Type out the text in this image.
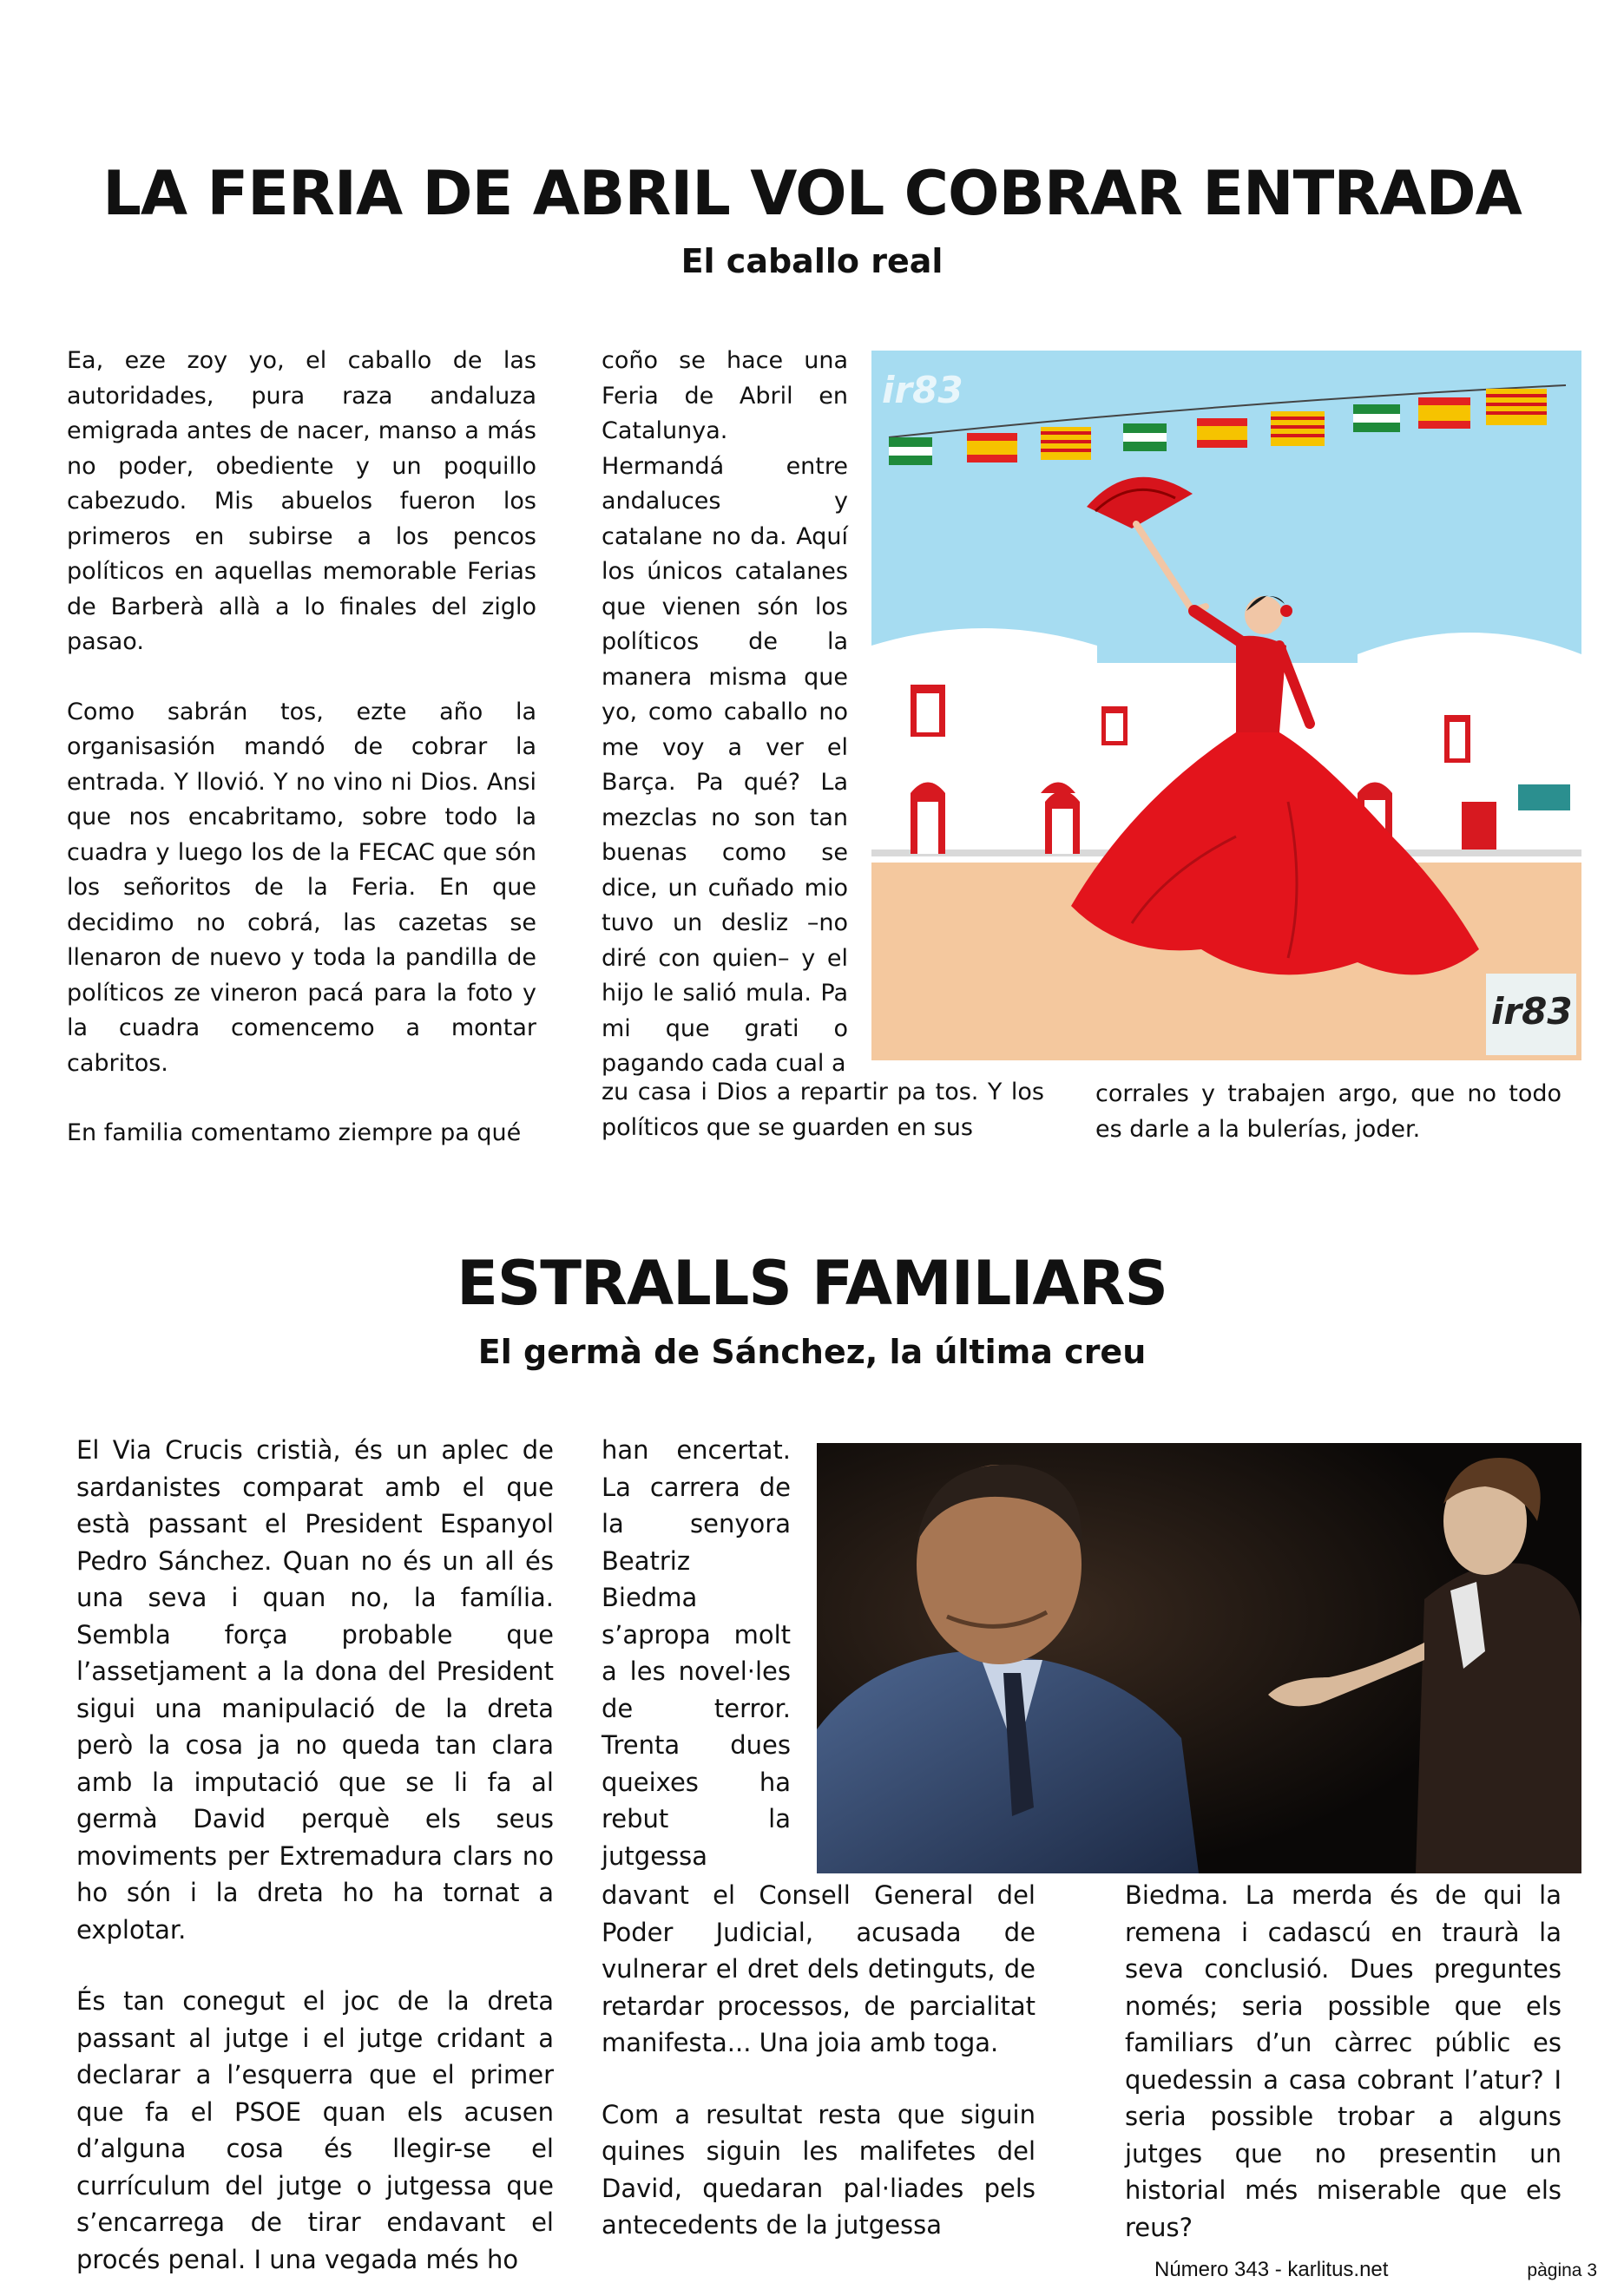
LA FERIA DE ABRIL VOL COBRAR ENTRADA
El caballo real

Ea, eze zoy yo, el caballo de las autoridades, pura raza andaluza emigrada antes de nacer, manso a más no poder, obediente y un poquillo cabezudo. Mis abuelos fueron los primeros en subirse a los pencos políticos en aquellas memorable Ferias de Barberà allà a lo finales del ziglo pasao.

Como sabrán tos, ezte año la organisasión mandó de cobrar la entrada. Y llovió. Y no vino ni Dios. Ansi que nos encabritamo, sobre todo la cuadra y luego los de la FECAC que són los señoritos de la Feria. En que decidimo no cobrá, las cazetas se llenaron de nuevo y toda la pandilla de políticos ze vineron pacá para la foto y la cuadra comencemo a montar cabritos.

En familia comentamo ziempre pa qué

coño se hace una Feria de Abril en Catalunya. Hermandá entre andaluces y catalane no da. Aquí los únicos catalanes que vienen són los políticos de la manera misma que yo, como caballo no me voy a ver el Barça. Pa qué? La mezclas no son tan buenas como se dice, un cuñado mio tuvo un desliz –no diré con quien– y el hijo le salió mula. Pa mi que grati o pagando cada cual a

zu casa i Dios a repartir pa tos. Y los políticos que se guarden en sus

corrales y trabajen argo, que no todo es darle a la bulerías, joder.

ir83
ir83
ESTRALLS FAMILIARS
El germà de Sánchez, la última creu

El Via Crucis cristià, és un aplec de sardanistes comparat amb el que està passant el President Espanyol Pedro Sánchez. Quan no és un all és una seva i quan no, la família. Sembla força probable que l’assetjament a la dona del President sigui una manipulació de la dreta però la cosa ja no queda tan clara amb la imputació que se li fa al germà David perquè els seus moviments per Extremadura clars no ho són i la dreta ho ha tornat a explotar.

És tan conegut el joc de la dreta passant al jutge i el jutge cridant a declarar a l’esquerra que el primer que fa el PSOE quan els acusen d’alguna cosa és llegir-se el currículum del jutge o jutgessa que s’encarrega de tirar endavant el procés penal. I una vegada més ho

han encertat. La carrera de la senyora Beatriz Biedma s’apropa molt a les novel·les de terror. Trenta dues queixes ha rebut la jutgessa

davant el Consell General del Poder Judicial, acusada de vulnerar el dret dels detinguts, de retardar processos, de parcialitat manifesta... Una joia amb toga.

Com a resultat resta que siguin quines siguin les malifetes del David, quedaran pal·liades pels antecedents de la jutgessa

Biedma. La merda és de qui la remena i cadascú en traurà la seva conclusió. Dues preguntes només; seria possible que els familiars d’un càrrec públic es quedessin a casa cobrant l’atur? I seria possible trobar a alguns jutges que no presentin un historial més miserable que els reus?

Número 343 - karlitus.net	pàgina 3
